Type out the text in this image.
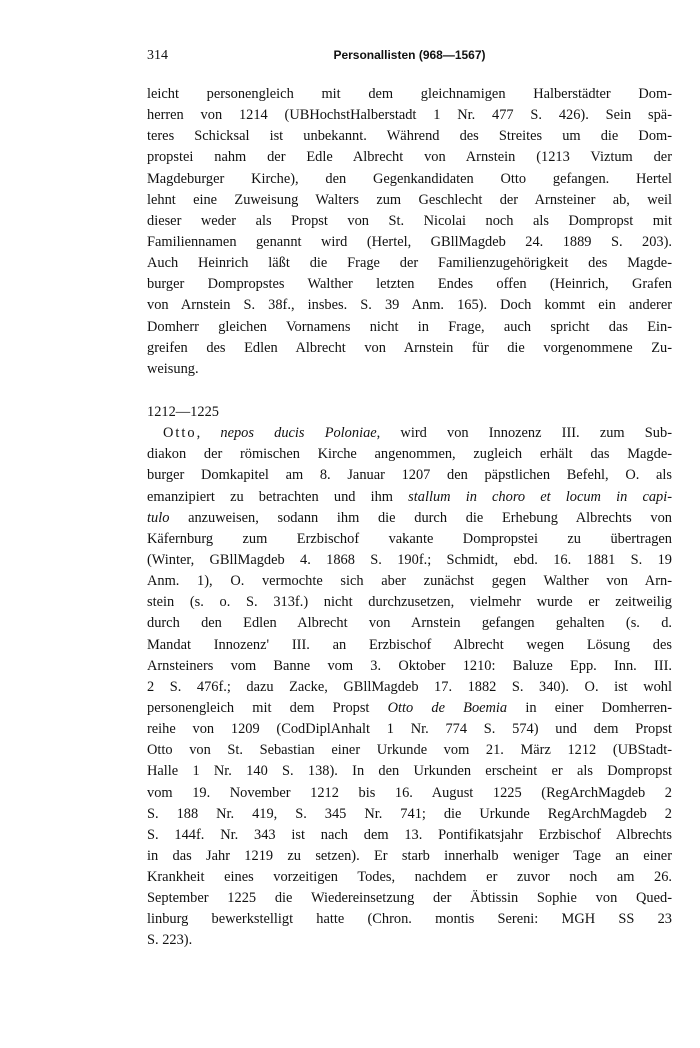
314	Personallisten (968—1567)
leicht personengleich mit dem gleichnamigen Halberstädter Dom-
herren von 1214 (UBHochstHalberstadt 1 Nr. 477 S. 426). Sein spä-
teres Schicksal ist unbekannt. Während des Streites um die Dom-
propstei nahm der Edle Albrecht von Arnstein (1213 Viztum der
Magdeburger Kirche), den Gegenkandidaten Otto gefangen. Hertel
lehnt eine Zuweisung Walters zum Geschlecht der Arnsteiner ab, weil
dieser weder als Propst von St. Nicolai noch als Dompropst mit
Familiennamen genannt wird (Hertel, GBllMagdeb 24. 1889 S. 203).
Auch Heinrich läßt die Frage der Familienzugehörigkeit des Magde-
burger Dompropstes Walther letzten Endes offen (Heinrich, Grafen
von Arnstein S. 38f., insbes. S. 39 Anm. 165). Doch kommt ein anderer
Domherr gleichen Vornamens nicht in Frage, auch spricht das Ein-
greifen des Edlen Albrecht von Arnstein für die vorgenommene Zu-
weisung.
1212—1225
Otto, nepos ducis Poloniae, wird von Innozenz III. zum Sub-
diakon der römischen Kirche angenommen, zugleich erhält das Magde-
burger Domkapitel am 8. Januar 1207 den päpstlichen Befehl, O. als
emanzipiert zu betrachten und ihm stallum in choro et locum in capi-
tulo anzuweisen, sodann ihm die durch die Erhebung Albrechts von
Käfernburg zum Erzbischof vakante Dompropstei zu übertragen
(Winter, GBllMagdeb 4. 1868 S. 190f.; Schmidt, ebd. 16. 1881 S. 19
Anm. 1), O. vermochte sich aber zunächst gegen Walther von Arn-
stein (s. o. S. 313f.) nicht durchzusetzen, vielmehr wurde er zeitweilig
durch den Edlen Albrecht von Arnstein gefangen gehalten (s. d.
Mandat Innozenz' III. an Erzbischof Albrecht wegen Lösung des
Arnsteiners vom Banne vom 3. Oktober 1210: Baluze Epp. Inn. III.
2 S. 476f.; dazu Zacke, GBllMagdeb 17. 1882 S. 340). O. ist wohl
personengleich mit dem Propst Otto de Boemia in einer Domherren-
reihe von 1209 (CodDiplAnhalt 1 Nr. 774 S. 574) und dem Propst
Otto von St. Sebastian einer Urkunde vom 21. März 1212 (UBStadt-
Halle 1 Nr. 140 S. 138). In den Urkunden erscheint er als Dompropst
vom 19. November 1212 bis 16. August 1225 (RegArchMagdeb 2
S. 188 Nr. 419, S. 345 Nr. 741; die Urkunde RegArchMagdeb 2
S. 144f. Nr. 343 ist nach dem 13. Pontifikatsjahr Erzbischof Albrechts
in das Jahr 1219 zu setzen). Er starb innerhalb weniger Tage an einer
Krankheit eines vorzeitigen Todes, nachdem er zuvor noch am 26.
September 1225 die Wiedereinsetzung der Äbtissin Sophie von Qued-
linburg bewerkstelligt hatte (Chron. montis Sereni: MGH SS 23
S. 223).
